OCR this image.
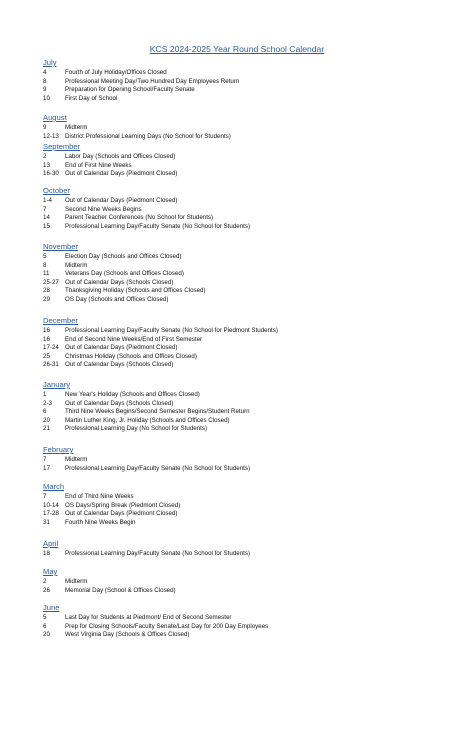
KCS 2024-2025 Year Round School Calendar
July
4	Fourth of July Holiday/Offices Closed
8	Professional Meeting Day/Two Hundred Day Employees Return
9	Preparation for Opening School/Faculty Senate
10 First Day of School
August
9	Midterm
12-13 District Professional Learning Days (No School for Students)
September
2	Labor Day (Schools and Offices Closed)
13 End of First Nine Weeks
16-30 Out of Calendar Days (Piedmont Closed)
October
1-4 Out of Calendar Days (Piedmont Closed)
7	Second Nine Weeks Begins
14 Parent Teacher Conferences (No School for Students)
15 Professional Learning Day/Faculty Senate (No School for Students)
November
5	Election Day (Schools and Offices Closed)
8	Midterm
11	Veterans Day (Schools and Offices Closed)
25-27 Out of Calendar Days (Schools Closed)
28 Thanksgiving Holiday (Schools and Offices Closed)
29 OS Day (Schools and Offices Closed)
December
16 Professional Learning Day/Faculty Senate (No School for Piedmont Students)
16 End of Second Nine Weeks/End of First Semester
17-24 Out of Calendar Days (Piedmont Closed)
25 Christmas Holiday (Schools and Offices Closed)
26-31 Out of Calendar Days (Schools Closed)
January
1	New Year's Holiday (Schools and Offices Closed)
2-3 Out of Calendar Days (Schools Closed)
6	Third Nine Weeks Begins/Second Semester Begins/Student Return
20 Martin Luther King, Jr. Holiday (Schools and Offices Closed)
21 Professional Learning Day (No School for Students)
February
7	Midterm
17 Professional Learning Day/Faculty Senate (No School for Students)
March
7	End of Third Nine Weeks
10-14 OS Days/Spring Break (Piedmont Closed)
17-28 Out of Calendar Days (Piedmont Closed)
31 Fourth Nine Weeks Begin
April
18 Professional Learning Day/Faculty Senate (No School for Students)
May
2	Midterm
26 Memorial Day (School & Offices Closed)
June
5	Last Day for Students at Piedmont/ End of Second Semester
6	Prep for Closing Schools/Faculty Senate/Last Day for 200 Day Employees
20 West Virginia Day (Schools & Offices Closed)
